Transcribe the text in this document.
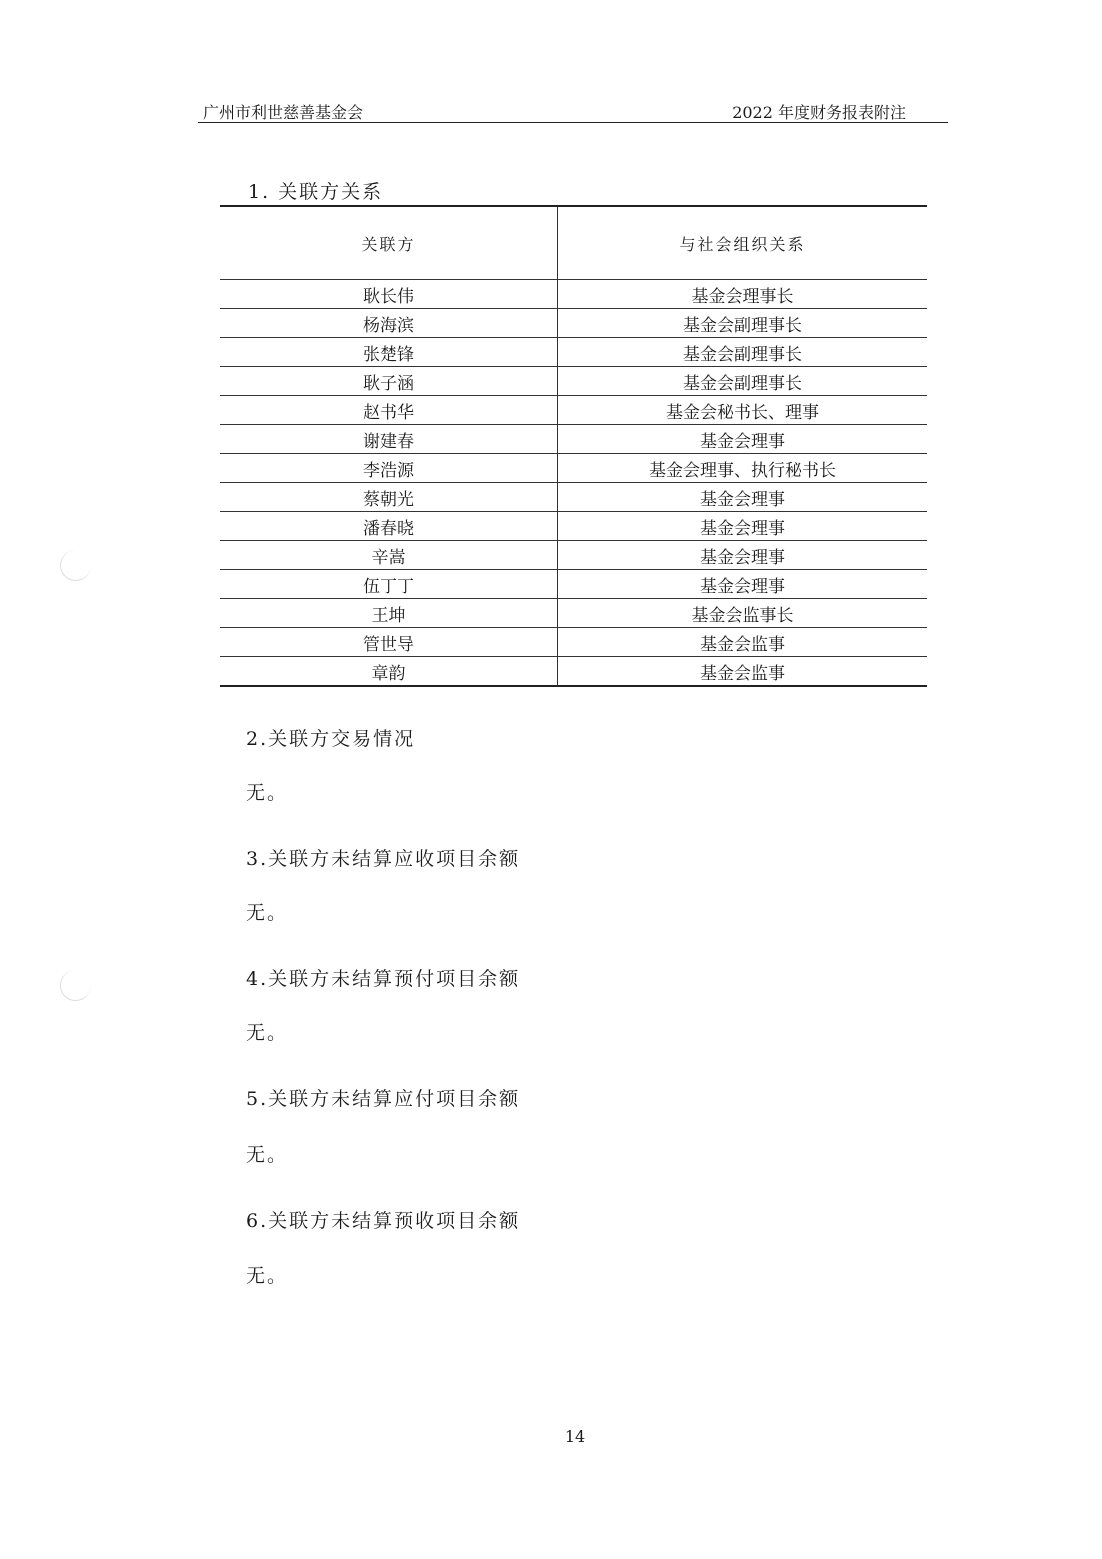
广州市利世慈善基金会	2022 年度财务报表附注
1. 关联方关系
关联方	与社会组织关系
耿长伟	基金会理事长
杨海滨	基金会副理事长
张楚锋	基金会副理事长
耿子涵	基金会副理事长
赵书华	基金会秘书长、理事
谢建春	基金会理事
李浩源	基金会理事、执行秘书长
蔡朝光	基金会理事
潘春晓	基金会理事
辛嵩	基金会理事
伍丁丁	基金会理事
王坤	基金会监事长
管世导	基金会监事
章韵	基金会监事
2.关联方交易情况
无。
3.关联方未结算应收项目余额
无。
4.关联方未结算预付项目余额
无。
5.关联方未结算应付项目余额
无。
6.关联方未结算预收项目余额
无。
14
